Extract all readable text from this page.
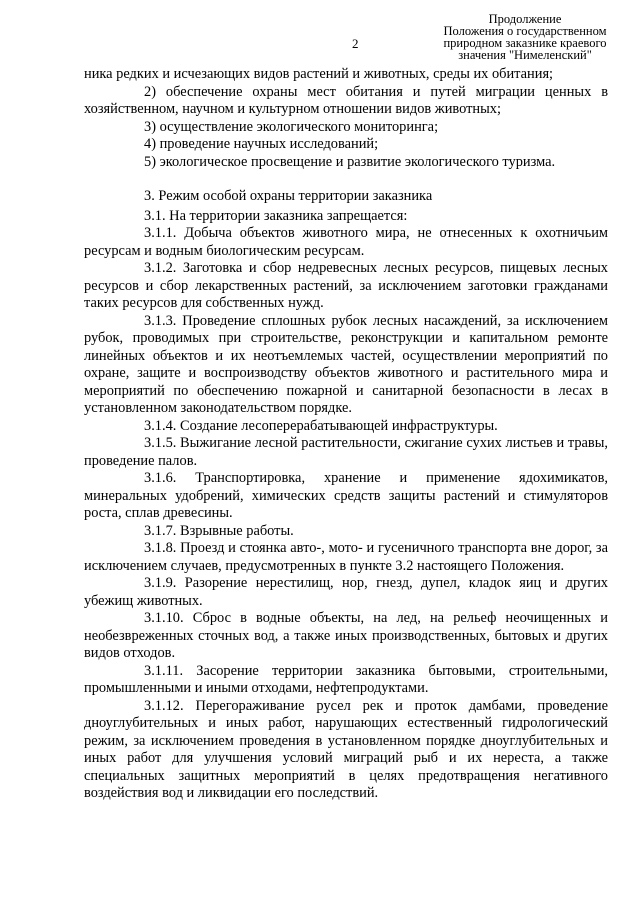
2
Продолжение
Положения о государственном
природном заказнике краевого
значения "Нимеленский"

ника редких и исчезающих видов растений и животных, среды их обитания;

2) обеспечение охраны мест обитания и путей миграции ценных в хозяйственном, научном и культурном отношении видов животных;

3) осуществление экологического мониторинга;

4) проведение научных исследований;

5) экологическое просвещение и развитие экологического туризма.

3. Режим особой охраны территории заказника

3.1. На территории заказника запрещается:

3.1.1. Добыча объектов животного мира, не отнесенных к охотничьим ресурсам и водным биологическим ресурсам.

3.1.2. Заготовка и сбор недревесных лесных ресурсов, пищевых лесных ресурсов и сбор лекарственных растений, за исключением заготовки гражданами таких ресурсов для собственных нужд.

3.1.3. Проведение сплошных рубок лесных насаждений, за исключением рубок, проводимых при строительстве, реконструкции и капитальном ремонте линейных объектов и их неотъемлемых частей, осуществлении мероприятий по охране, защите и воспроизводству объектов животного и растительного мира и мероприятий по обеспечению пожарной и санитарной безопасности в лесах в установленном законодательством порядке.

3.1.4. Создание лесоперерабатывающей инфраструктуры.

3.1.5. Выжигание лесной растительности, сжигание сухих листьев и травы, проведение палов.

3.1.6. Транспортировка, хранение и применение ядохимикатов, минеральных удобрений, химических средств защиты растений и стимуляторов роста, сплав древесины.

3.1.7. Взрывные работы.

3.1.8. Проезд и стоянка авто-, мото- и гусеничного транспорта вне дорог, за исключением случаев, предусмотренных в пункте 3.2 настоящего Положения.

3.1.9. Разорение нерестилищ, нор, гнезд, дупел, кладок яиц и других убежищ животных.

3.1.10. Сброс в водные объекты, на лед, на рельеф неочищенных и необезвреженных сточных вод, а также иных производственных, бытовых и других видов отходов.

3.1.11. Засорение территории заказника бытовыми, строительными, промышленными и иными отходами, нефтепродуктами.

3.1.12. Перегораживание русел рек и проток дамбами, проведение дноуглубительных и иных работ, нарушающих естественный гидрологический режим, за исключением проведения в установленном порядке дноуглубительных и иных работ для улучшения условий миграций рыб и их нереста, а также специальных защитных мероприятий в целях предотвращения негативного воздействия вод и ликвидации его последствий.
